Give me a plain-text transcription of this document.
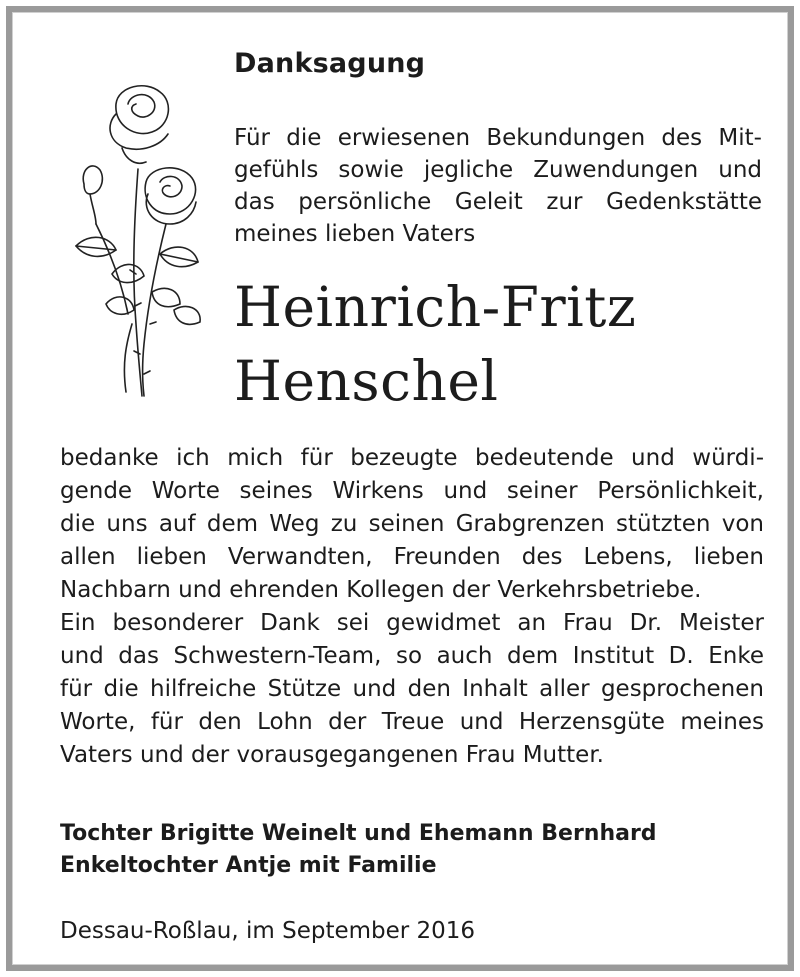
Danksagung
Für die erwiesenen Bekundungen des Mit-
gefühls sowie jegliche Zuwendungen und
das persönliche Geleit zur Gedenkstätte
meines lieben Vaters
Heinrich-Fritz
Henschel
bedanke ich mich für bezeugte bedeutende und würdi-
gende Worte seines Wirkens und seiner Persönlichkeit,
die uns auf dem Weg zu seinen Grabgrenzen stützten von
allen lieben Verwandten, Freunden des Lebens, lieben
Nachbarn und ehrenden Kollegen der Verkehrsbetriebe.
Ein besonderer Dank sei gewidmet an Frau Dr. Meister
und das Schwestern-Team, so auch dem Institut D. Enke
für die hilfreiche Stütze und den Inhalt aller gesprochenen
Worte, für den Lohn der Treue und Herzensgüte meines
Vaters und der vorausgegangenen Frau Mutter.
Tochter Brigitte Weinelt und Ehemann Bernhard
Enkeltochter Antje mit Familie
Dessau-Roßlau, im September 2016
